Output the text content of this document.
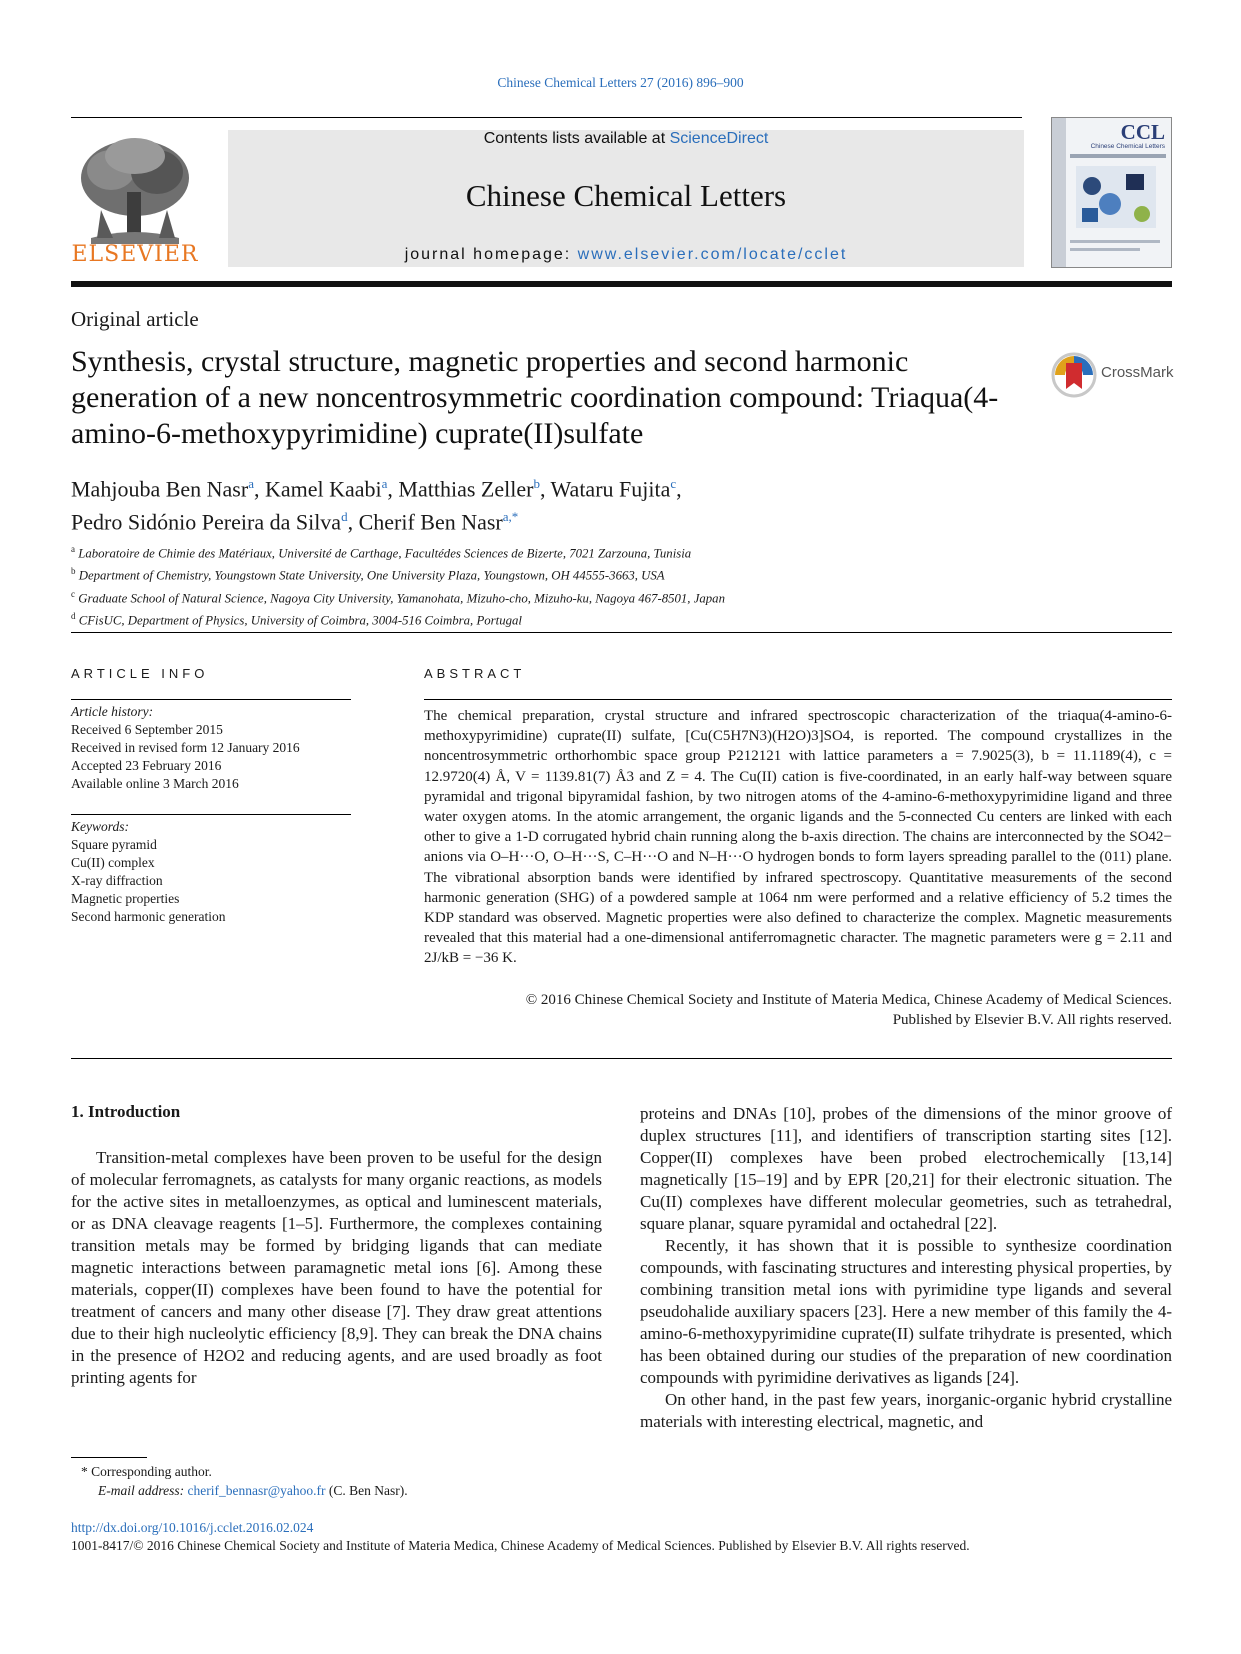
Chinese Chemical Letters 27 (2016) 896–900
ELSEVIER
Contents lists available at ScienceDirect
Chinese Chemical Letters
journal homepage: www.elsevier.com/locate/cclet
CCL
Chinese Chemical Letters
Original article
Synthesis, crystal structure, magnetic properties and second harmonic generation of a new noncentrosymmetric coordination compound: Triaqua(4-amino-6-methoxypyrimidine) cuprate(II)sulfate
CrossMark
Mahjouba Ben Nasr$^a$, Kamel Kaabi$^a$, Matthias Zeller$^b$, Wataru Fujita$^c$,
Pedro Sidónio Pereira da Silva$^d$, Cherif Ben Nasr$^{a,*}$
$^a$ Laboratoire de Chimie des Matériaux, Université de Carthage, Facultédes Sciences de Bizerte, 7021 Zarzouna, Tunisia
$^b$ Department of Chemistry, Youngstown State University, One University Plaza, Youngstown, OH 44555-3663, USA
$^c$ Graduate School of Natural Science, Nagoya City University, Yamanohata, Mizuho-cho, Mizuho-ku, Nagoya 467-8501, Japan
$^d$ CFisUC, Department of Physics, University of Coimbra, 3004-516 Coimbra, Portugal
ARTICLE INFO
Article history:
Received 6 September 2015
Received in revised form 12 January 2016
Accepted 23 February 2016
Available online 3 March 2016
Keywords:
Square pyramid
Cu(II) complex
X-ray diffraction
Magnetic properties
Second harmonic generation
ABSTRACT
The chemical preparation, crystal structure and infrared spectroscopic characterization of the triaqua(4-amino-6-methoxypyrimidine) cuprate(II) sulfate, [Cu(C5H7N3)(H2O)3]SO4, is reported. The compound crystallizes in the noncentrosymmetric orthorhombic space group P212121 with lattice parameters a = 7.9025(3), b = 11.1189(4), c = 12.9720(4) Å, V = 1139.81(7) Å3 and Z = 4. The Cu(II) cation is five-coordinated, in an early half-way between square pyramidal and trigonal bipyramidal fashion, by two nitrogen atoms of the 4-amino-6-methoxypyrimidine ligand and three water oxygen atoms. In the atomic arrangement, the organic ligands and the 5-connected Cu centers are linked with each other to give a 1-D corrugated hybrid chain running along the b-axis direction. The chains are interconnected by the SO42− anions via O–H···O, O–H···S, C–H···O and N–H···O hydrogen bonds to form layers spreading parallel to the (011) plane. The vibrational absorption bands were identified by infrared spectroscopy. Quantitative measurements of the second harmonic generation (SHG) of a powdered sample at 1064 nm were performed and a relative efficiency of 5.2 times the KDP standard was observed. Magnetic properties were also defined to characterize the complex. Magnetic measurements revealed that this material had a one-dimensional antiferromagnetic character. The magnetic parameters were g = 2.11 and 2J/kB = −36 K.
© 2016 Chinese Chemical Society and Institute of Materia Medica, Chinese Academy of Medical Sciences.
Published by Elsevier B.V. All rights reserved.
1. Introduction

Transition-metal complexes have been proven to be useful for the design of molecular ferromagnets, as catalysts for many organic reactions, as models for the active sites in metalloenzymes, as optical and luminescent materials, or as DNA cleavage reagents [1–5]. Furthermore, the complexes containing transition metals may be formed by bridging ligands that can mediate magnetic interactions between paramagnetic metal ions [6]. Among these materials, copper(II) complexes have been found to have the potential for treatment of cancers and many other disease [7]. They draw great attentions due to their high nucleolytic efficiency [8,9]. They can break the DNA chains in the presence of H2O2 and reducing agents, and are used broadly as foot printing agents for

proteins and DNAs [10], probes of the dimensions of the minor groove of duplex structures [11], and identifiers of transcription starting sites [12]. Copper(II) complexes have been probed electrochemically [13,14] magnetically [15–19] and by EPR [20,21] for their electronic situation. The Cu(II) complexes have different molecular geometries, such as tetrahedral, square planar, square pyramidal and octahedral [22].

Recently, it has shown that it is possible to synthesize coordination compounds, with fascinating structures and interesting physical properties, by combining transition metal ions with pyrimidine type ligands and several pseudohalide auxiliary spacers [23]. Here a new member of this family the 4-amino-6-methoxypyrimidine cuprate(II) sulfate trihydrate is presented, which has been obtained during our studies of the preparation of new coordination compounds with pyrimidine derivatives as ligands [24].

On other hand, in the past few years, inorganic-organic hybrid crystalline materials with interesting electrical, magnetic, and

* Corresponding author.
E-mail address: cherif_bennasr@yahoo.fr (C. Ben Nasr).
http://dx.doi.org/10.1016/j.cclet.2016.02.024
1001-8417/© 2016 Chinese Chemical Society and Institute of Materia Medica, Chinese Academy of Medical Sciences. Published by Elsevier B.V. All rights reserved.
